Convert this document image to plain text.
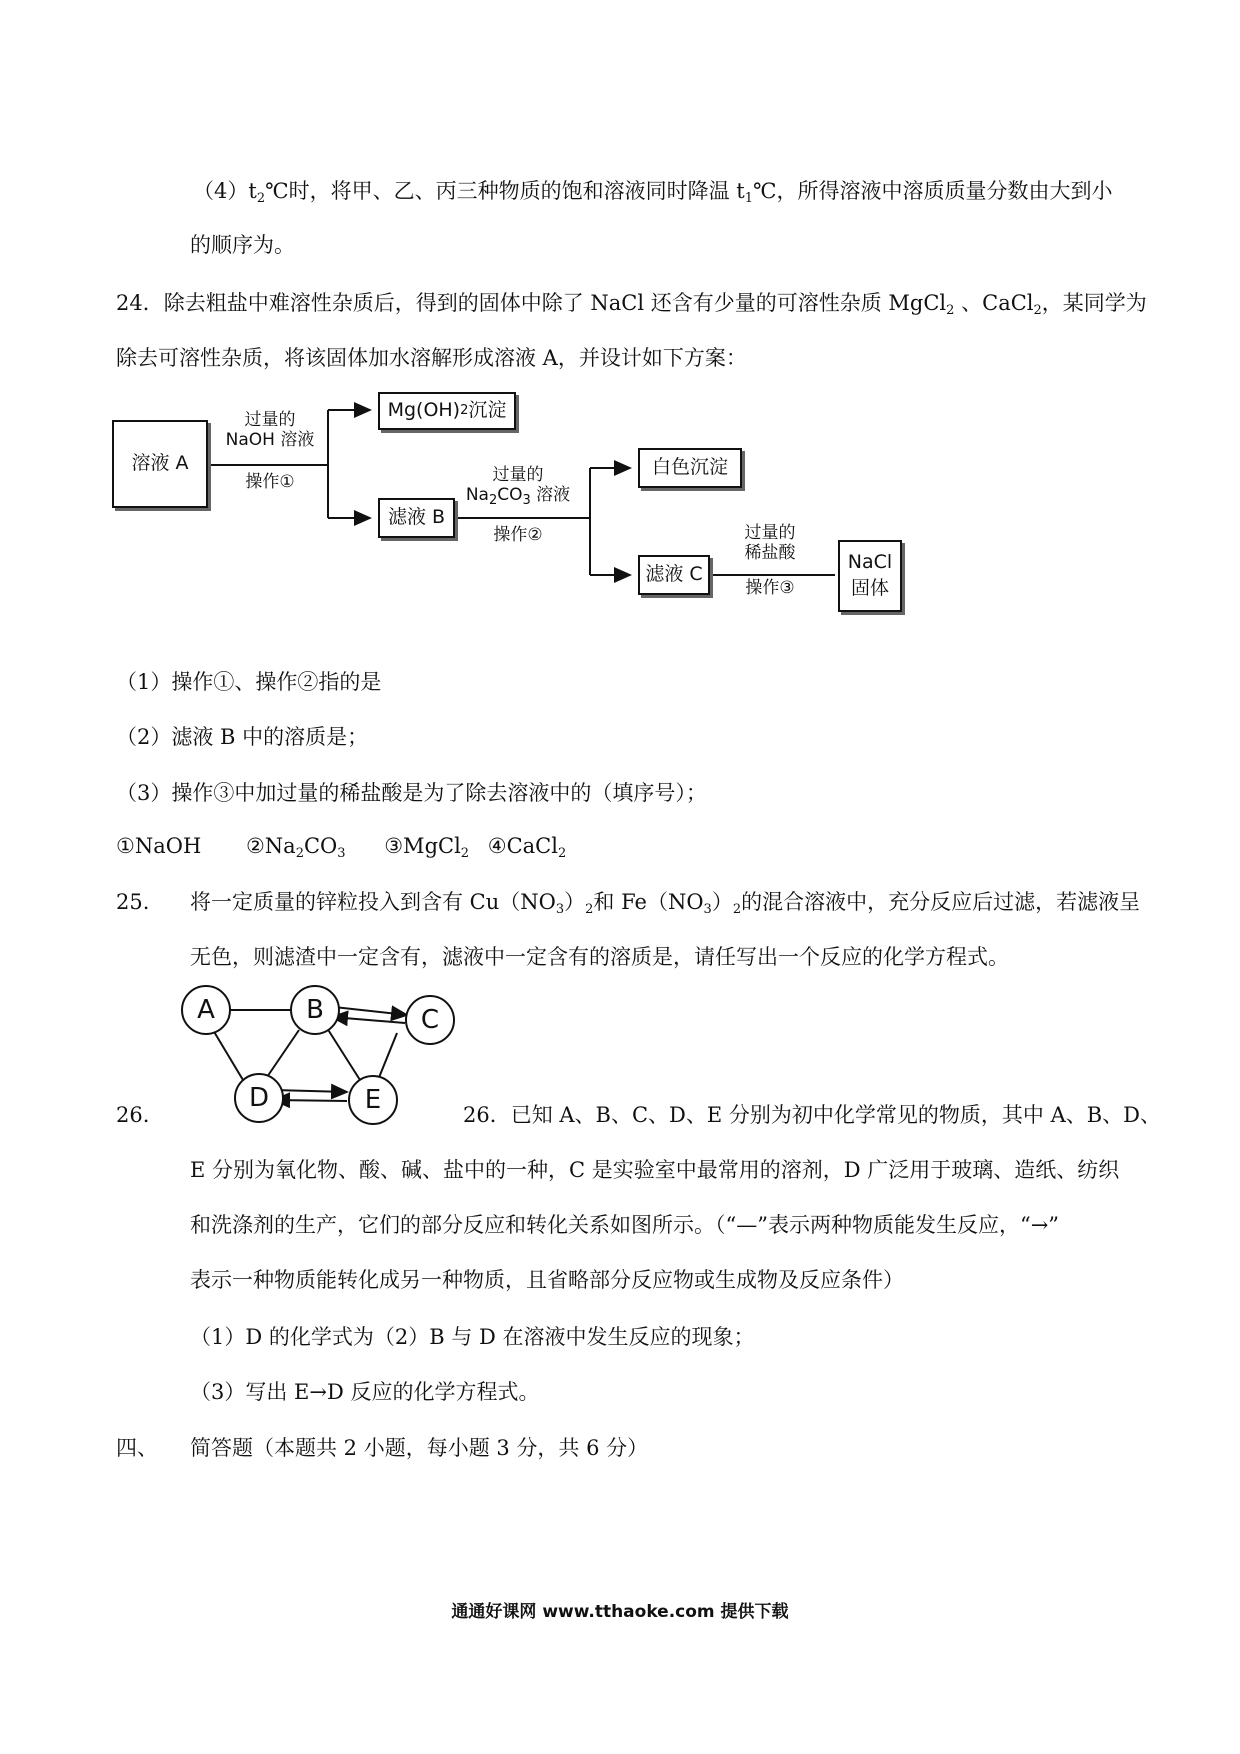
$(4)t_2℃$时，将甲、乙、丙三种物质的饱和溶液同时降温 $t_1℃$，所得溶液中溶质质量分数由大到小
的顺序为。
24．除去粗盐中难溶性杂质后，得到的固体中除了 NaCl 还含有少量的可溶性杂质 MgCl$_2$ 、CaCl$_2$，某同学为
除去可溶性杂质，将该固体加水溶解形成溶液 A，并设计如下方案：
溶液 A
过量的
NaOH 溶液
操作①
Mg(OH) 2 沉淀
滤液 B
过量的
$Na_2CO_3$ 溶液
操作②
白色沉淀
滤液 C
过量的
稀盐酸
操作③
NaCl
固体
（1）操作①、操作②指的是
（2）滤液 B 中的溶质是；
（3）操作③中加过量的稀盐酸是为了除去溶液中的（填序号）；
①NaOH $②Na_2CO_3$ ③MgCl$_2$ ④CaCl$_2$
25. 将一定质量的锌粒投入到含有 $Cu(NO_3)_2$和 $Fe(NO_3)_2$的混合溶液中，充分反应后过滤，若滤液呈
无色，则滤渣中一定含有，滤液中一定含有的溶质是，请任写出一个反应的化学方程式。
A	B	C
D	E
26.	26．已知 A、B、C、D、E 分别为初中化学常见的物质，其中 A、B、D、
E 分别为氧化物、酸、碱、盐中的一种，C 是实验室中最常用的溶剂，D 广泛用于玻璃、造纸、纺织
和洗涤剂的生产，它们的部分反应和转化关系如图所示。（“—”表示两种物质能发生反应，“→”
表示一种物质能转化成另一种物质，且省略部分反应物或生成物及反应条件）
（1）D 的化学式为（2）B 与 D 在溶液中发生反应的现象；
（3）写出 E→D 反应的化学方程式。
四、 简答题（本题共 2 小题，每小题 3 分，共 6 分）
通通好课网 www.tthaoke.com 提供下载
